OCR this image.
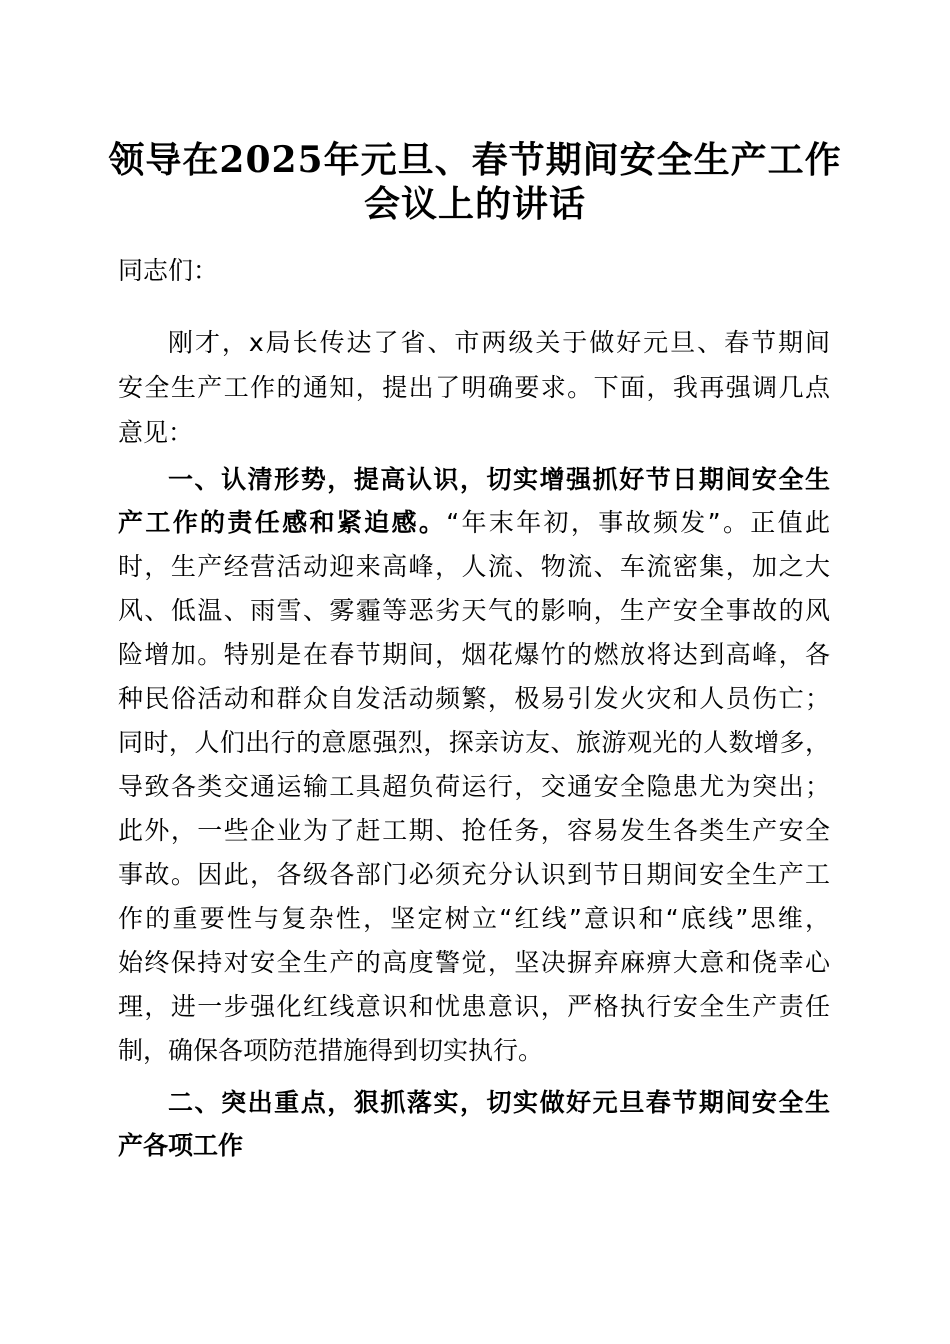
领导在2025年元旦、春节期间安全生产工作
会议上的讲话

同志们：

刚才，x局长传达了省、市两级关于做好元旦、春节期间

安全生产工作的通知，提出了明确要求。下面，我再强调几点

意见：

一、认清形势，提高认识，切实增强抓好节日期间安全生

产工作的责任感和紧迫感。“年末年初，事故频发”。正值此

时，生产经营活动迎来高峰，人流、物流、车流密集，加之大

风、低温、雨雪、雾霾等恶劣天气的影响，生产安全事故的风

险增加。特别是在春节期间，烟花爆竹的燃放将达到高峰，各

种民俗活动和群众自发活动频繁，极易引发火灾和人员伤亡；

同时，人们出行的意愿强烈，探亲访友、旅游观光的人数增多，

导致各类交通运输工具超负荷运行，交通安全隐患尤为突出；

此外，一些企业为了赶工期、抢任务，容易发生各类生产安全

事故。因此，各级各部门必须充分认识到节日期间安全生产工

作的重要性与复杂性，坚定树立“红线”意识和“底线”思维，

始终保持对安全生产的高度警觉，坚决摒弃麻痹大意和侥幸心

理，进一步强化红线意识和忧患意识，严格执行安全生产责任

制，确保各项防范措施得到切实执行。

二、突出重点，狠抓落实，切实做好元旦春节期间安全生

产各项工作
